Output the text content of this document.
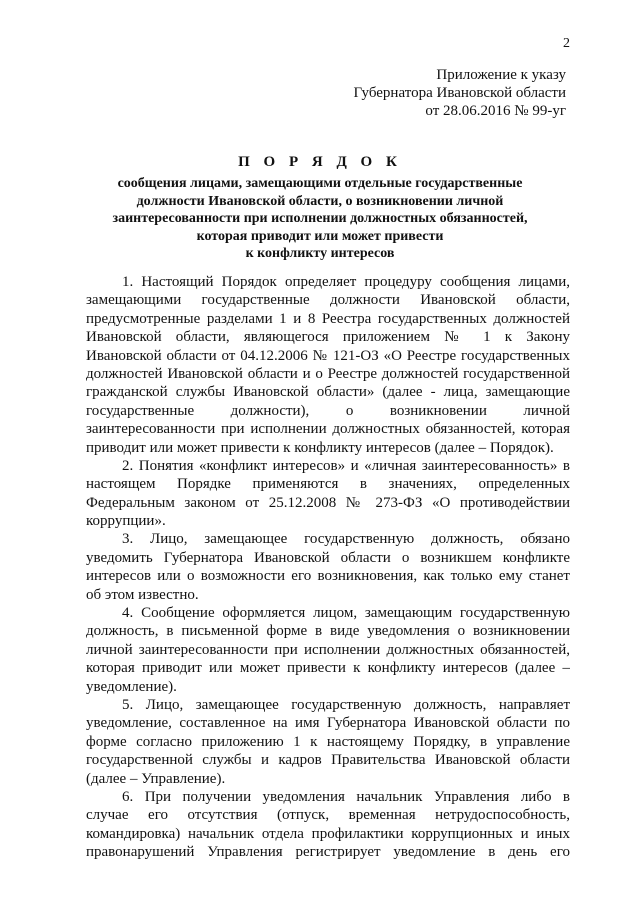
2
Приложение к указу
Губернатора Ивановской области
от 28.06.2016 № 99-уг
П О Р Я Д О К
сообщения лицами, замещающими отдельные государственные
должности Ивановской области, о возникновении личной
заинтересованности при исполнении должностных обязанностей,
которая приводит или может привести
к конфликту интересов
1. Настоящий Порядок определяет процедуру сообщения лицами,
замещающими государственные должности Ивановской области,
предусмотренные разделами 1 и 8 Реестра государственных должностей
Ивановской области, являющегося приложением № 1 к Закону
Ивановской области от 04.12.2006 № 121-ОЗ «О Реестре государственных
должностей Ивановской области и о Реестре должностей государственной
гражданской службы Ивановской области» (далее - лица, замещающие
государственные должности), о возникновении личной
заинтересованности при исполнении должностных обязанностей, которая
приводит или может привести к конфликту интересов (далее – Порядок).
2. Понятия «конфликт интересов» и «личная заинтересованность» в
настоящем Порядке применяются в значениях, определенных
Федеральным законом от 25.12.2008 № 273-ФЗ «О противодействии
коррупции».
3. Лицо, замещающее государственную должность, обязано
уведомить Губернатора Ивановской области о возникшем конфликте
интересов или о возможности его возникновения, как только ему станет
об этом известно.
4. Сообщение оформляется лицом, замещающим государственную
должность, в письменной форме в виде уведомления о возникновении
личной заинтересованности при исполнении должностных обязанностей,
которая приводит или может привести к конфликту интересов (далее –
уведомление).
5. Лицо, замещающее государственную должность, направляет
уведомление, составленное на имя Губернатора Ивановской области по
форме согласно приложению 1 к настоящему Порядку, в управление
государственной службы и кадров Правительства Ивановской области
(далее – Управление).
6. При получении уведомления начальник Управления либо в
случае его отсутствия (отпуск, временная нетрудоспособность,
командировка) начальник отдела профилактики коррупционных и иных
правонарушений Управления регистрирует уведомление в день его
